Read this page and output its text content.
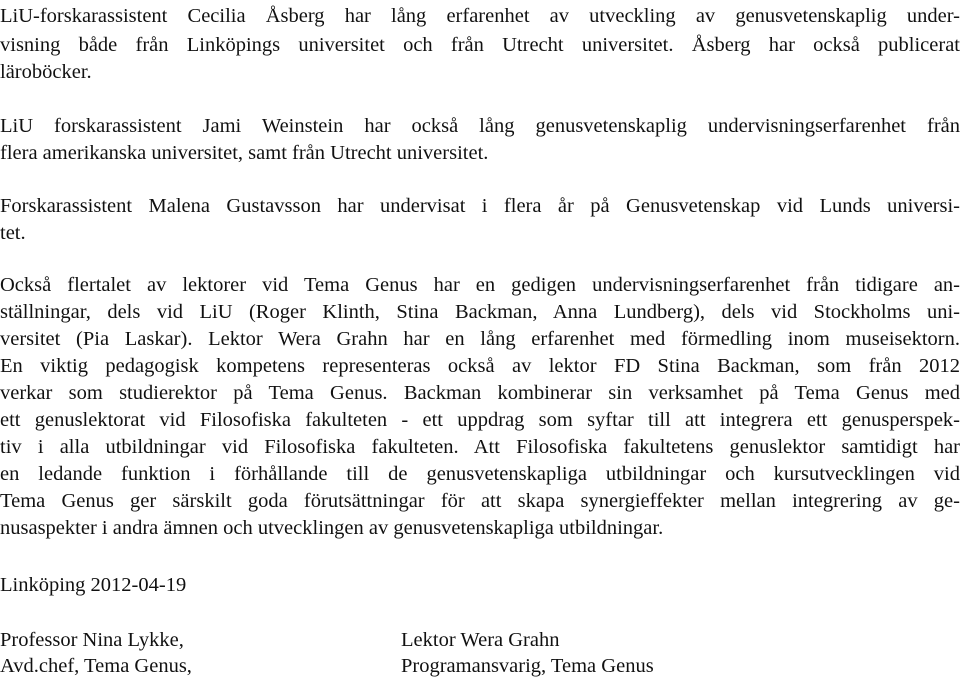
LiU-forskarassistent Cecilia Åsberg har lång erfarenhet av utveckling av genusvetenskaplig under-
visning både från Linköpings universitet och från Utrecht universitet. Åsberg har också publicerat
läroböcker.
LiU forskarassistent Jami Weinstein har också lång genusvetenskaplig undervisningserfarenhet från
flera amerikanska universitet, samt från Utrecht universitet.
Forskarassistent Malena Gustavsson har undervisat i flera år på Genusvetenskap vid Lunds universi-
tet.
Också flertalet av lektorer vid Tema Genus har en gedigen undervisningserfarenhet från tidigare an-
ställningar, dels vid LiU (Roger Klinth, Stina Backman, Anna Lundberg), dels vid Stockholms uni-
versitet (Pia Laskar). Lektor Wera Grahn har en lång erfarenhet med förmedling inom museisektorn.
En viktig pedagogisk kompetens representeras också av lektor FD Stina Backman, som från 2012
verkar som studierektor på Tema Genus. Backman kombinerar sin verksamhet på Tema Genus med
ett genuslektorat vid Filosofiska fakulteten - ett uppdrag som syftar till att integrera ett genusperspek-
tiv i alla utbildningar vid Filosofiska fakulteten. Att Filosofiska fakultetens genuslektor samtidigt har
en ledande funktion i förhållande till de genusvetenskapliga utbildningar och kursutvecklingen vid
Tema Genus ger särskilt goda förutsättningar för att skapa synergieffekter mellan integrering av ge-
nusaspekter i andra ämnen och utvecklingen av genusvetenskapliga utbildningar.
Linköping 2012-04-19
Professor Nina Lykke,
Avd.chef, Tema Genus,
Lektor Wera Grahn
Programansvarig, Tema Genus
